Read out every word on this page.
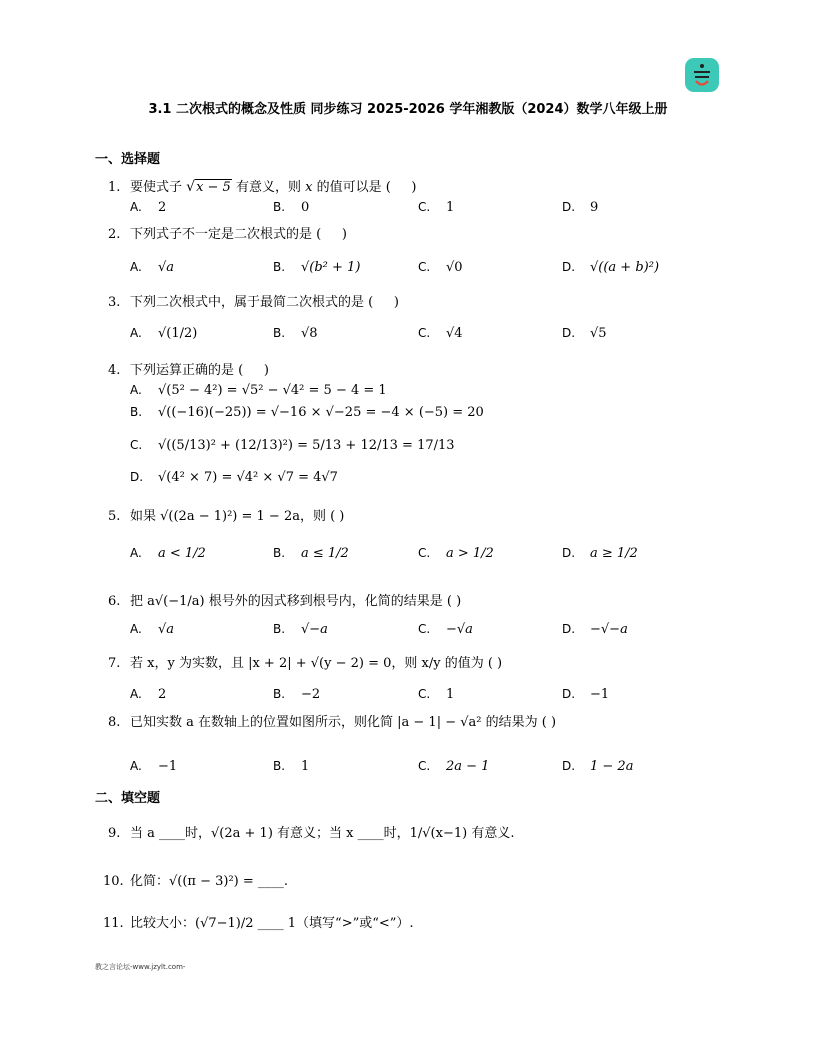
3.1 二次根式的概念及性质 同步练习 2025-2026 学年湘教版（2024）数学八年级上册
一、选择题
1. 要使式子 √x − 5 有意义，则 x 的值可以是 (     )
A. 2	B. 0	C. 1	D. 9
2. 下列式子不一定是二次根式的是 (     )
A. √a	B. √(b² + 1)	C. √0	D. √((a + b)²)
3. 下列二次根式中，属于最简二次根式的是 (     )
A. √(1/2)	B. √8	C. √4	D. √5
4. 下列运算正确的是 (     )
A. √(5² − 4²) = √5² − √4² = 5 − 4 = 1
B. √((−16)(−25)) = √−16 × √−25 = −4 × (−5) = 20
C. √((5/13)² + (12/13)²) = 5/13 + 12/13 = 17/13
D. √(4² × 7) = √4² × √7 = 4√7
5. 如果 √((2a − 1)²) = 1 − 2a，则 ( )
A. a < 1/2	B. a ≤ 1/2	C. a > 1/2	D. a ≥ 1/2
6. 把 a√(−1/a) 根号外的因式移到根号内，化简的结果是 ( )
A. √a	B. √−a	C. −√a	D. −√−a
7. 若 x，y 为实数，且 |x + 2| + √(y − 2) = 0，则 x/y 的值为 ( )
A. 2	B. −2	C. 1	D. −1
8. 已知实数 a 在数轴上的位置如图所示，则化简 |a − 1| − √a² 的结果为 ( )
A. −1	B. 1	C. 2a − 1	D. 1 − 2a
二、填空题
9. 当 a ____时，√(2a + 1) 有意义；当 x ____时，1/√(x−1) 有意义.
10. 化简：√((π − 3)²) = ____.
11. 比较大小：(√7−1)/2 ____ 1（填写“>”或“<”）.
教之言论坛-www.jzylt.com-
